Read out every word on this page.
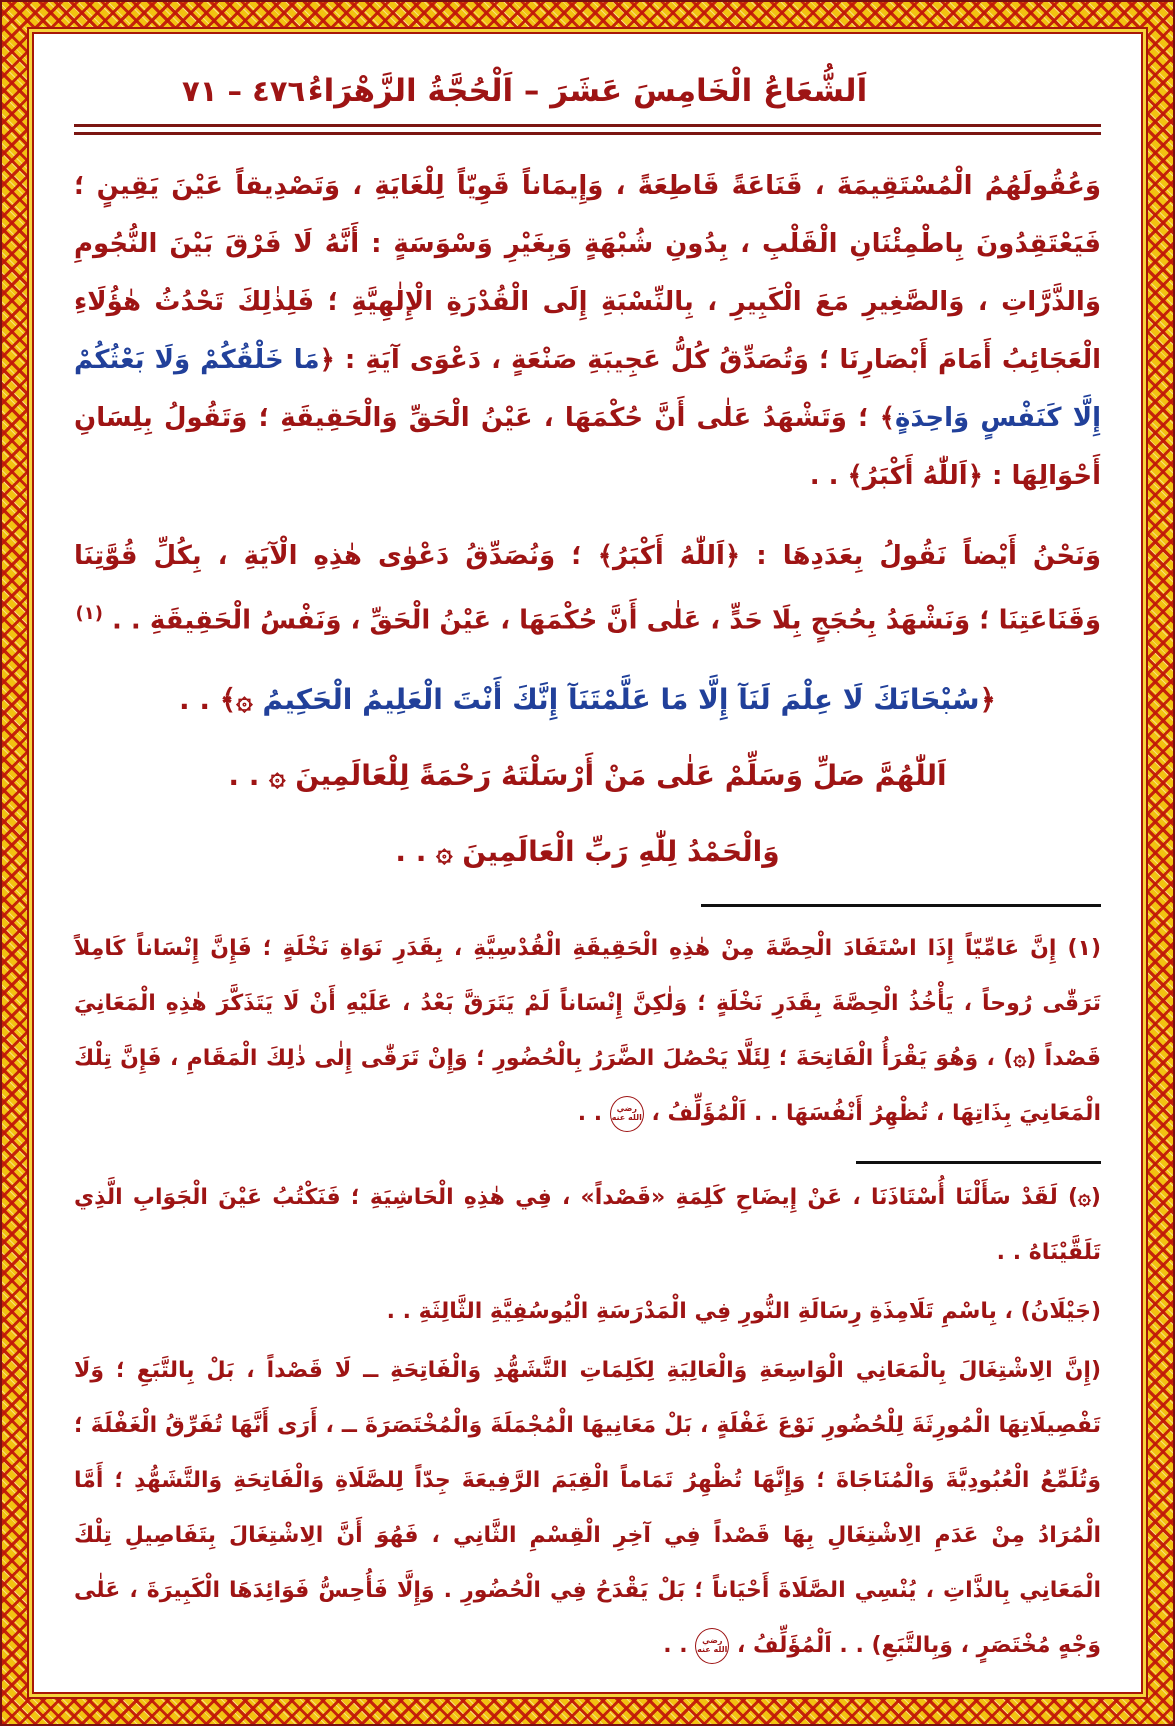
٤٧٦ – ٧١ اَلشُّعَاعُ الْخَامِسَ عَشَرَ – اَلْحُجَّةُ الزَّهْرَاءُ

وَعُقُولَهُمُ الْمُسْتَقِيمَةَ ، قَنَاعَةً قَاطِعَةً ، وَإِيمَاناً قَوِيّاً لِلْغَايَةِ ، وَتَصْدِيقاً عَيْنَ يَقِينٍ ؛ فَيَعْتَقِدُونَ بِاطْمِئْنَانِ الْقَلْبِ ، بِدُونِ شُبْهَةٍ وَبِغَيْرِ وَسْوَسَةٍ : أَنَّهُ لَا فَرْقَ بَيْنَ النُّجُومِ وَالذَّرَّاتِ ، وَالصَّغِيرِ مَعَ الْكَبِيرِ ، بِالنِّسْبَةِ إِلَى الْقُدْرَةِ الْإِلٰهِيَّةِ ؛ فَلِذٰلِكَ تَحْدُثُ هٰؤُلَاءِ الْعَجَائِبُ أَمَامَ أَبْصَارِنَا ؛ وَتُصَدِّقُ كُلُّ عَجِيبَةِ صَنْعَةٍ ، دَعْوَى آيَةِ : ﴿مَا خَلْقُكُمْ وَلَا بَعْثُكُمْ إِلَّا كَنَفْسٍ وَاحِدَةٍ﴾ ؛ وَتَشْهَدُ عَلٰى أَنَّ حُكْمَهَا ، عَيْنُ الْحَقِّ وَالْحَقِيقَةِ ؛ وَتَقُولُ بِلِسَانِ أَحْوَالِهَا : ﴿اَللّٰهُ أَكْبَرُ﴾ . .

وَنَحْنُ أَيْضاً نَقُولُ بِعَدَدِهَا : ﴿اَللّٰهُ أَكْبَرُ﴾ ؛ وَنُصَدِّقُ دَعْوٰى هٰذِهِ الْآيَةِ ، بِكُلِّ قُوَّتِنَا وَقَنَاعَتِنَا ؛ وَنَشْهَدُ بِحُجَجٍ بِلَا حَدٍّ ، عَلٰى أَنَّ حُكْمَهَا ، عَيْنُ الْحَقِّ ، وَنَفْسُ الْحَقِيقَةِ . . $^{(١)}$

﴿سُبْحَانَكَ لَا عِلْمَ لَنَآ إِلَّا مَا عَلَّمْتَنَآ إِنَّكَ أَنْتَ الْعَلِيمُ الْحَكِيمُ ۞﴾ . .
اَللّٰهُمَّ صَلِّ وَسَلِّمْ عَلٰى مَنْ أَرْسَلْتَهُ رَحْمَةً لِلْعَالَمِينَ ۞ . .
وَالْحَمْدُ لِلّٰهِ رَبِّ الْعَالَمِينَ ۞ . .

(١) إِنَّ عَامِّيّاً إِذَا اسْتَفَادَ الْحِصَّةَ مِنْ هٰذِهِ الْحَقِيقَةِ الْقُدْسِيَّةِ ، بِقَدَرِ نَوَاةِ نَخْلَةٍ ؛ فَإِنَّ إِنْسَاناً كَامِلاً تَرَقّٰى رُوحاً ، يَأْخُذُ الْحِصَّةَ بِقَدَرِ نَخْلَةٍ ؛ وَلٰكِنَّ إِنْسَاناً لَمْ يَتَرَقَّ بَعْدُ ، عَلَيْهِ أَنْ لَا يَتَذَكَّرَ هٰذِهِ الْمَعَانِيَ قَصْداً (۞) ، وَهُوَ يَقْرَأُ الْفَاتِحَةَ ؛ لِئَلَّا يَحْصُلَ الضَّرَرُ بِالْحُضُورِ ؛ وَإِنْ تَرَقّٰى إِلٰى ذٰلِكَ الْمَقَامِ ، فَإِنَّ تِلْكَ الْمَعَانِيَ بِذَاتِهَا ، تُظْهِرُ أَنْفُسَهَا . . اَلْمُؤَلِّفُ ، رضي الله عنه . .

(۞) لَقَدْ سَأَلْنَا أُسْتَاذَنَا ، عَنْ إِيضَاحِ كَلِمَةِ «قَصْداً» ، فِي هٰذِهِ الْحَاشِيَةِ ؛ فَنَكْتُبُ عَيْنَ الْجَوَابِ الَّذِي تَلَقَّيْنَاهُ . .

(جَيْلَانُ) ، بِاسْمِ تَلَامِذَةِ رِسَالَةِ النُّورِ فِي الْمَدْرَسَةِ الْيُوسُفِيَّةِ الثَّالِثَةِ . .

(إِنَّ الِاشْتِغَالَ بِالْمَعَانِي الْوَاسِعَةِ وَالْعَالِيَةِ لِكَلِمَاتِ التَّشَهُّدِ وَالْفَاتِحَةِ ــ لَا قَصْداً ، بَلْ بِالتَّبَعِ ؛ وَلَا تَفْصِيلَاتِهَا الْمُورِثَةَ لِلْحُضُورِ نَوْعَ غَفْلَةٍ ، بَلْ مَعَانِيهَا الْمُجْمَلَةَ وَالْمُخْتَصَرَةَ ــ ، أَرَى أَنَّهَا تُفَرِّقُ الْغَفْلَةَ ؛ وَتُلَمِّعُ الْعُبُودِيَّةَ وَالْمُنَاجَاةَ ؛ وَإِنَّهَا تُظْهِرُ تَمَاماً الْقِيَمَ الرَّفِيعَةَ جِدّاً لِلصَّلَاةِ وَالْفَاتِحَةِ وَالتَّشَهُّدِ ؛ أَمَّا الْمُرَادُ مِنْ عَدَمِ الِاشْتِغَالِ بِهَا قَصْداً فِي آخِرِ الْقِسْمِ الثَّانِي ، فَهُوَ أَنَّ الِاشْتِغَالَ بِتَفَاصِيلِ تِلْكَ الْمَعَانِي بِالذَّاتِ ، يُنْسِي الصَّلَاةَ أَحْيَاناً ؛ بَلْ يَقْدَحُ فِي الْحُضُورِ . وَإِلَّا فَأُحِسُّ فَوَائِدَهَا الْكَبِيرَةَ ، عَلٰى وَجْهٍ مُخْتَصَرٍ ، وَبِالتَّبَعِ) . . اَلْمُؤَلِّفُ ، رضي الله عنه . .
